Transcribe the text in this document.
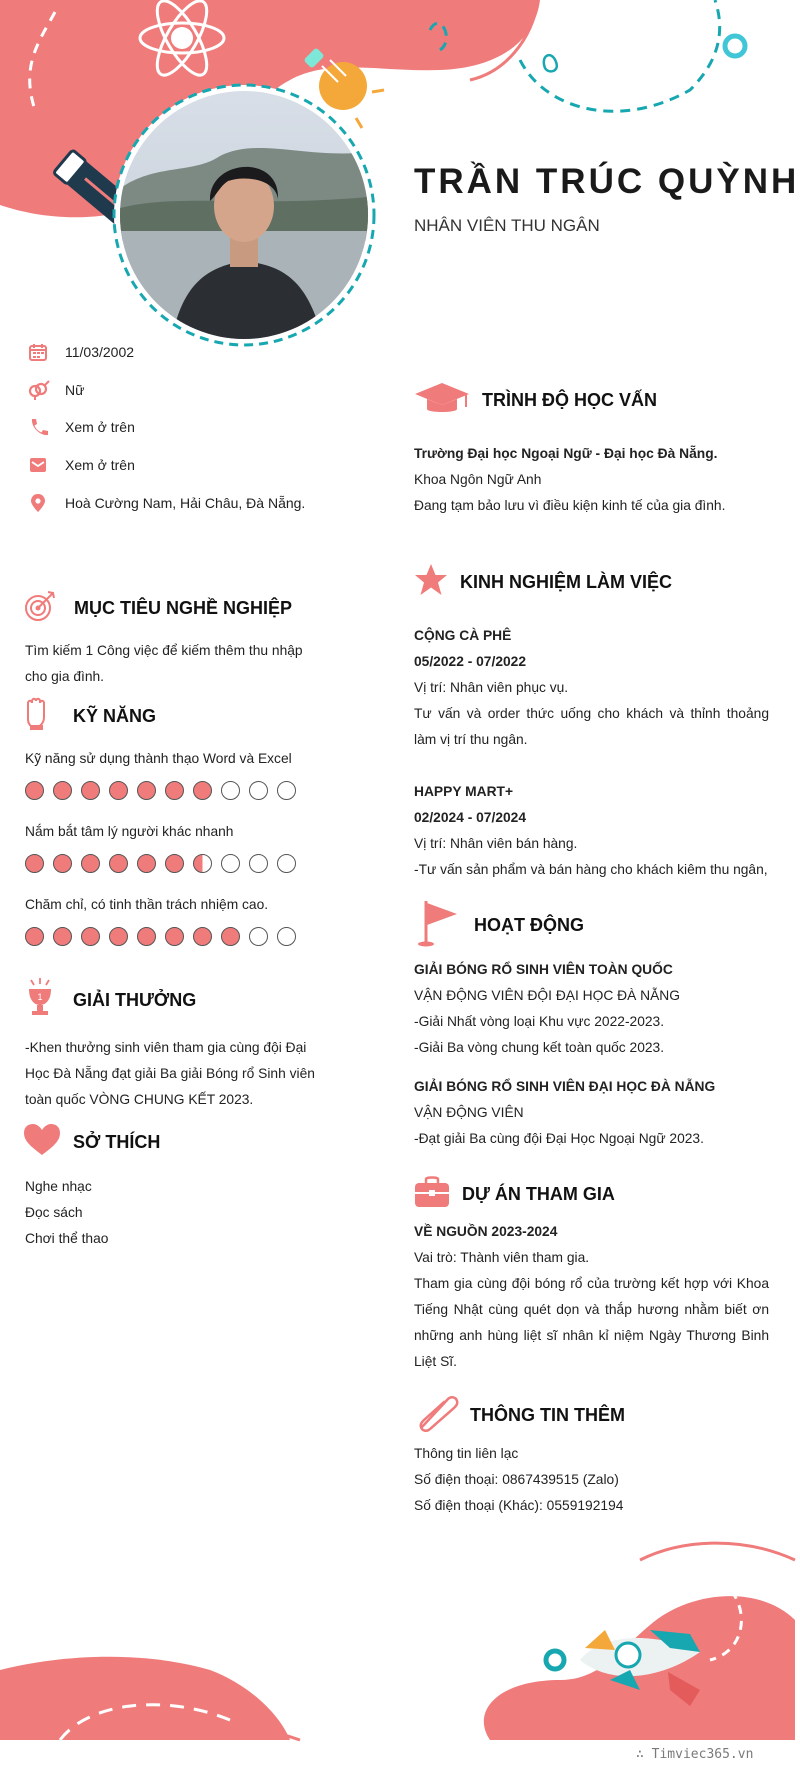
TRẦN TRÚC QUỲNH
NHÂN VIÊN THU NGÂN
11/03/2002
Nữ
Xem ở trên
Xem ở trên
Hoà Cường Nam, Hải Châu, Đà Nẵng.
MỤC TIÊU NGHỀ NGHIỆP
Tìm kiếm 1 Công việc để kiếm thêm thu nhập
cho gia đình.
KỸ NĂNG
Kỹ năng sử dụng thành thạo Word và Excel
Nắm bắt tâm lý người khác nhanh
Chăm chỉ, có tinh thần trách nhiệm cao.
1 GIẢI THƯỞNG
-Khen thưởng sinh viên tham gia cùng đội Đại
Học Đà Nẵng đạt giải Ba giải Bóng rổ Sinh viên
toàn quốc VÒNG CHUNG KẾT 2023.
SỞ THÍCH
Nghe nhạc
Đọc sách
Chơi thể thao
TRÌNH ĐỘ HỌC VẤN
Trường Đại học Ngoại Ngữ - Đại học Đà Nẵng.
Khoa Ngôn Ngữ Anh
Đang tạm bảo lưu vì điều kiện kinh tế của gia đình.
KINH NGHIỆM LÀM VIỆC
CỘNG CÀ PHÊ
05/2022 - 07/2022
Vị trí: Nhân viên phục vụ.
Tư vấn và order thức uống cho khách và thỉnh thoảng làm vị trí thu ngân.
HAPPY MART+
02/2024 - 07/2024
Vị trí: Nhân viên bán hàng.
-Tư vấn sản phẩm và bán hàng cho khách kiêm thu ngân,
HOẠT ĐỘNG
GIẢI BÓNG RỔ SINH VIÊN TOÀN QUỐC
VẬN ĐỘNG VIÊN ĐỘI ĐẠI HỌC ĐÀ NẴNG
-Giải Nhất vòng loại Khu vực 2022-2023.
-Giải Ba vòng chung kết toàn quốc 2023.
GIẢI BÓNG RỔ SINH VIÊN ĐẠI HỌC ĐÀ NẴNG
VẬN ĐỘNG VIÊN
-Đạt giải Ba cùng đội Đại Học Ngoại Ngữ 2023.
DỰ ÁN THAM GIA
VỀ NGUỒN 2023-2024
Vai trò: Thành viên tham gia.
Tham gia cùng đội bóng rổ của trường kết hợp với Khoa Tiếng Nhật cùng quét dọn và thắp hương nhằm biết ơn những anh hùng liệt sĩ nhân kỉ niệm Ngày Thương Binh Liệt Sĩ.
THÔNG TIN THÊM
Thông tin liên lạc
Số điện thoại: 0867439515 (Zalo)
Số điện thoại (Khác): 0559192194
∴ Timviec365.vn
